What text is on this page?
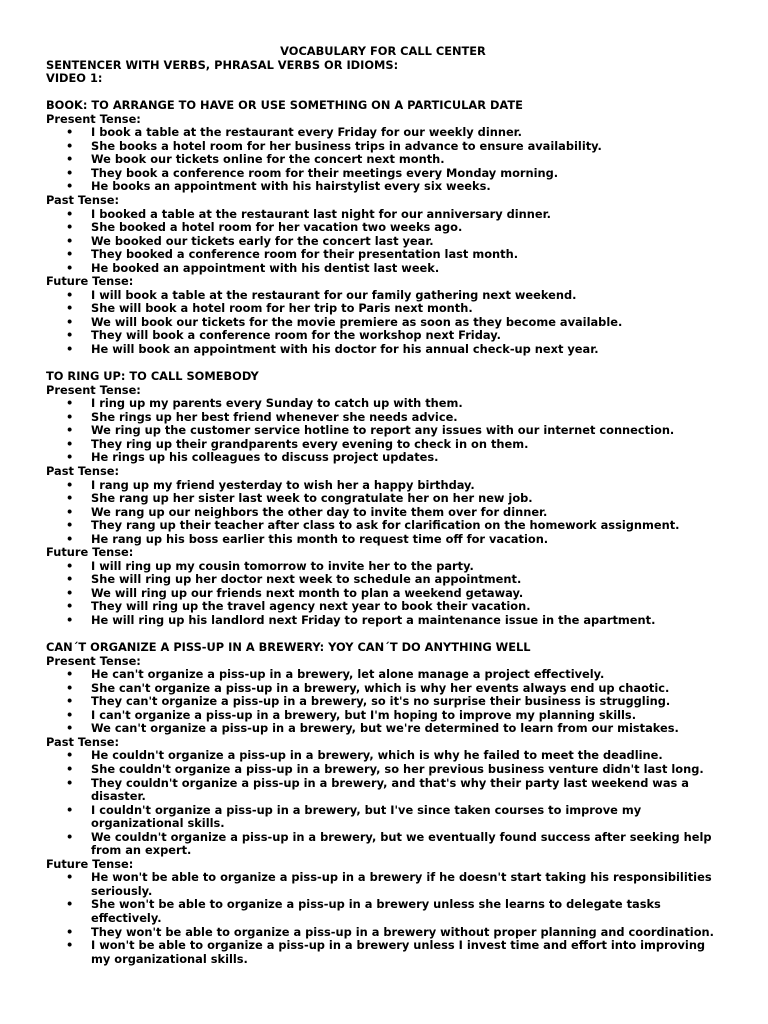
VOCABULARY FOR CALL CENTER
SENTENCER WITH VERBS, PHRASAL VERBS OR IDIOMS:
VIDEO 1:
BOOK: TO ARRANGE TO HAVE OR USE SOMETHING ON A PARTICULAR DATE
Present Tense:
• I book a table at the restaurant every Friday for our weekly dinner.
• She books a hotel room for her business trips in advance to ensure availability.
• We book our tickets online for the concert next month.
• They book a conference room for their meetings every Monday morning.
• He books an appointment with his hairstylist every six weeks.
Past Tense:
• I booked a table at the restaurant last night for our anniversary dinner.
• She booked a hotel room for her vacation two weeks ago.
• We booked our tickets early for the concert last year.
• They booked a conference room for their presentation last month.
• He booked an appointment with his dentist last week.
Future Tense:
• I will book a table at the restaurant for our family gathering next weekend.
• She will book a hotel room for her trip to Paris next month.
• We will book our tickets for the movie premiere as soon as they become available.
• They will book a conference room for the workshop next Friday.
• He will book an appointment with his doctor for his annual check-up next year.
TO RING UP: TO CALL SOMEBODY
Present Tense:
• I ring up my parents every Sunday to catch up with them.
• She rings up her best friend whenever she needs advice.
• We ring up the customer service hotline to report any issues with our internet connection.
• They ring up their grandparents every evening to check in on them.
• He rings up his colleagues to discuss project updates.
Past Tense:
• I rang up my friend yesterday to wish her a happy birthday.
• She rang up her sister last week to congratulate her on her new job.
• We rang up our neighbors the other day to invite them over for dinner.
• They rang up their teacher after class to ask for clarification on the homework assignment.
• He rang up his boss earlier this month to request time off for vacation.
Future Tense:
• I will ring up my cousin tomorrow to invite her to the party.
• She will ring up her doctor next week to schedule an appointment.
• We will ring up our friends next month to plan a weekend getaway.
• They will ring up the travel agency next year to book their vacation.
• He will ring up his landlord next Friday to report a maintenance issue in the apartment.
CAN´T ORGANIZE A PISS-UP IN A BREWERY: YOY CAN´T DO ANYTHING WELL
Present Tense:
• He can't organize a piss-up in a brewery, let alone manage a project effectively.
• She can't organize a piss-up in a brewery, which is why her events always end up chaotic.
• They can't organize a piss-up in a brewery, so it's no surprise their business is struggling.
• I can't organize a piss-up in a brewery, but I'm hoping to improve my planning skills.
• We can't organize a piss-up in a brewery, but we're determined to learn from our mistakes.
Past Tense:
• He couldn't organize a piss-up in a brewery, which is why he failed to meet the deadline.
• She couldn't organize a piss-up in a brewery, so her previous business venture didn't last long.
• They couldn't organize a piss-up in a brewery, and that's why their party last weekend was a
disaster.
• I couldn't organize a piss-up in a brewery, but I've since taken courses to improve my
organizational skills.
• We couldn't organize a piss-up in a brewery, but we eventually found success after seeking help
from an expert.
Future Tense:
• He won't be able to organize a piss-up in a brewery if he doesn't start taking his responsibilities
seriously.
• She won't be able to organize a piss-up in a brewery unless she learns to delegate tasks
effectively.
• They won't be able to organize a piss-up in a brewery without proper planning and coordination.
• I won't be able to organize a piss-up in a brewery unless I invest time and effort into improving
my organizational skills.
